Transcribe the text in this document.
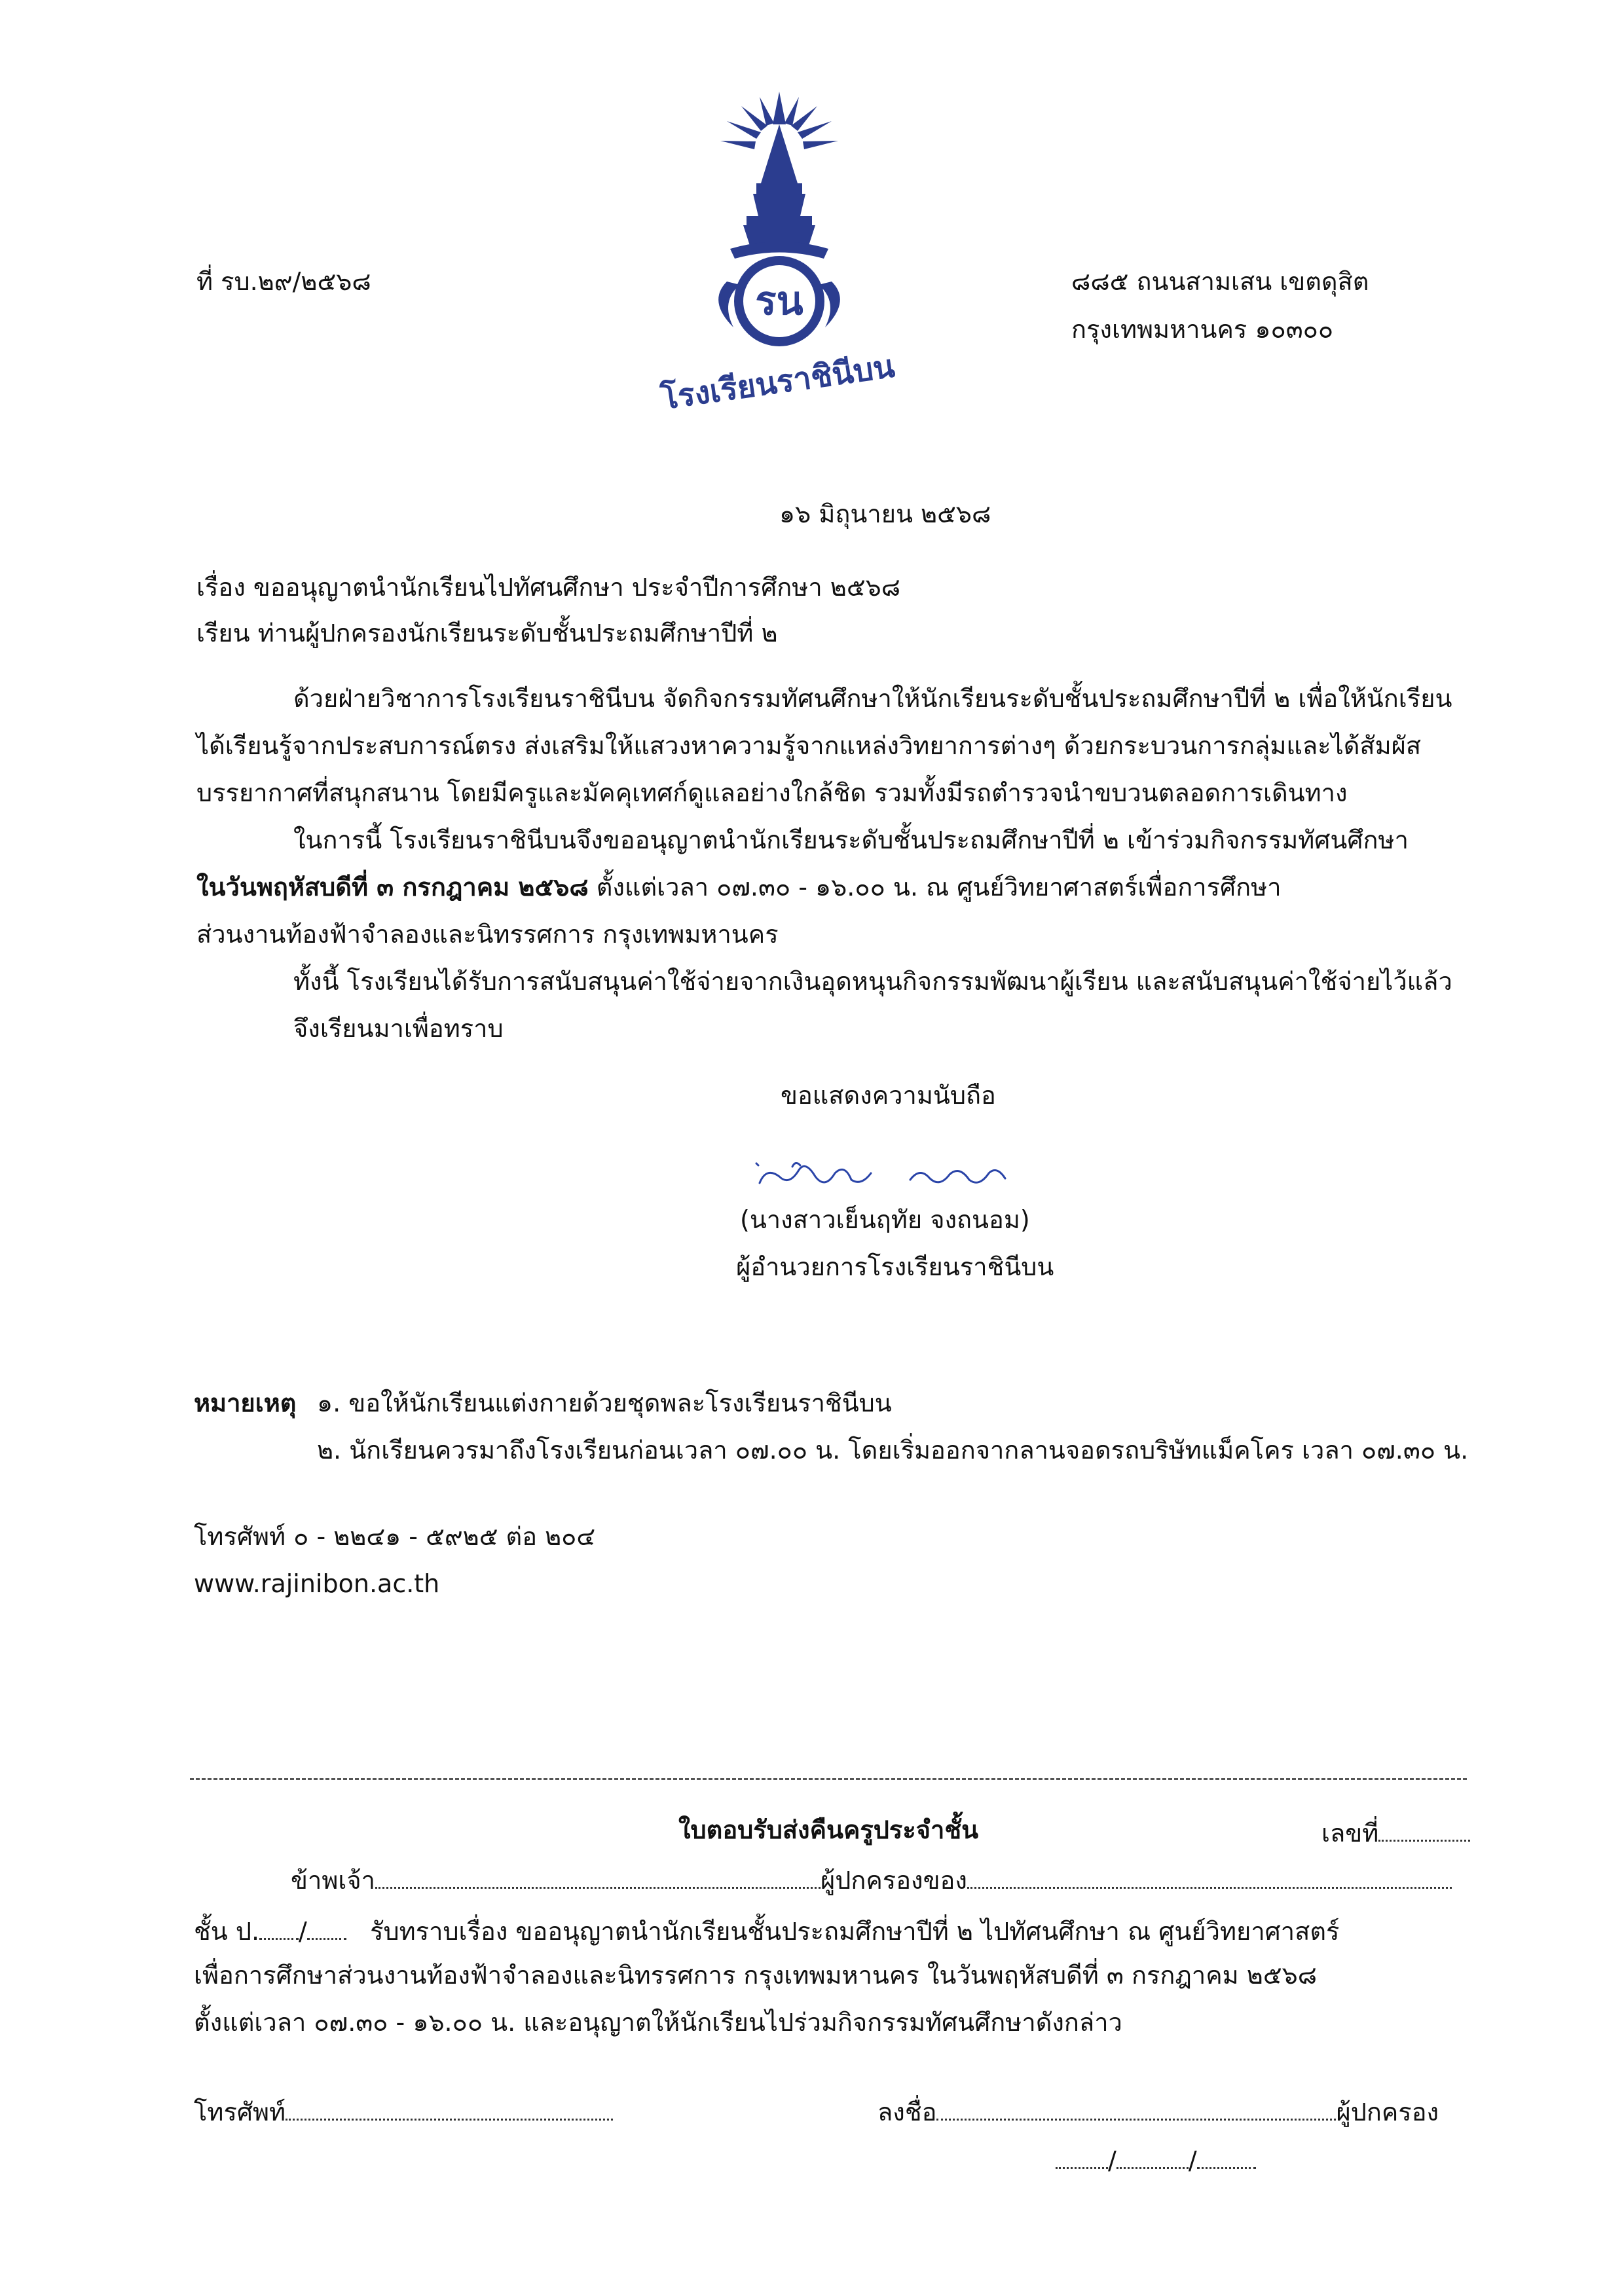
รน
โรงเรียนราชินีบน
ที่ รบ.๒๙/๒๕๖๘	๘๘๕ ถนนสามเสน เขตดุสิต
กรุงเทพมหานคร ๑๐๓๐๐
๑๖ มิถุนายน ๒๕๖๘
เรื่อง ขออนุญาตนำนักเรียนไปทัศนศึกษา ประจำปีการศึกษา ๒๕๖๘
เรียน ท่านผู้ปกครองนักเรียนระดับชั้นประถมศึกษาปีที่ ๒
ด้วยฝ่ายวิชาการโรงเรียนราชินีบน จัดกิจกรรมทัศนศึกษาให้นักเรียนระดับชั้นประถมศึกษาปีที่ ๒ เพื่อให้นักเรียน
ได้เรียนรู้จากประสบการณ์ตรง ส่งเสริมให้แสวงหาความรู้จากแหล่งวิทยาการต่างๆ ด้วยกระบวนการกลุ่มและได้สัมผัส
บรรยากาศที่สนุกสนาน โดยมีครูและมัคคุเทศก์ดูแลอย่างใกล้ชิด รวมทั้งมีรถตำรวจนำขบวนตลอดการเดินทาง
ในการนี้ โรงเรียนราชินีบนจึงขออนุญาตนำนักเรียนระดับชั้นประถมศึกษาปีที่ ๒ เข้าร่วมกิจกรรมทัศนศึกษา
ในวันพฤหัสบดีที่ ๓ กรกฎาคม ๒๕๖๘ ตั้งแต่เวลา ๐๗.๓๐ - ๑๖.๐๐ น. ณ ศูนย์วิทยาศาสตร์เพื่อการศึกษา
ส่วนงานท้องฟ้าจำลองและนิทรรศการ กรุงเทพมหานคร
ทั้งนี้ โรงเรียนได้รับการสนับสนุนค่าใช้จ่ายจากเงินอุดหนุนกิจกรรมพัฒนาผู้เรียน และสนับสนุนค่าใช้จ่ายไว้แล้ว
จึงเรียนมาเพื่อทราบ
ขอแสดงความนับถือ
(นางสาวเย็นฤทัย จงถนอม)
ผู้อำนวยการโรงเรียนราชินีบน
หมายเหตุ ๑. ขอให้นักเรียนแต่งกายด้วยชุดพละโรงเรียนราชินีบน
๒. นักเรียนควรมาถึงโรงเรียนก่อนเวลา ๐๗.๐๐ น. โดยเริ่มออกจากลานจอดรถบริษัทแม็คโคร เวลา ๐๗.๓๐ น.
โทรศัพท์ ๐ - ๒๒๔๑ - ๕๙๒๕ ต่อ ๒๐๔
www.rajinibon.ac.th
ใบตอบรับส่งคืนครูประจำชั้น	เลขที่
ข้าพเจ้า	ผู้ปกครองของ
ชั้น ป. /	รับทราบเรื่อง ขออนุญาตนำนักเรียนชั้นประถมศึกษาปีที่ ๒ ไปทัศนศึกษา ณ ศูนย์วิทยาศาสตร์
เพื่อการศึกษาส่วนงานท้องฟ้าจำลองและนิทรรศการ กรุงเทพมหานคร ในวันพฤหัสบดีที่ ๓ กรกฎาคม ๒๕๖๘
ตั้งแต่เวลา ๐๗.๓๐ - ๑๖.๐๐ น. และอนุญาตให้นักเรียนไปร่วมกิจกรรมทัศนศึกษาดังกล่าว
โทรศัพท์	ลงชื่อ	ผู้ปกครอง
/	/
